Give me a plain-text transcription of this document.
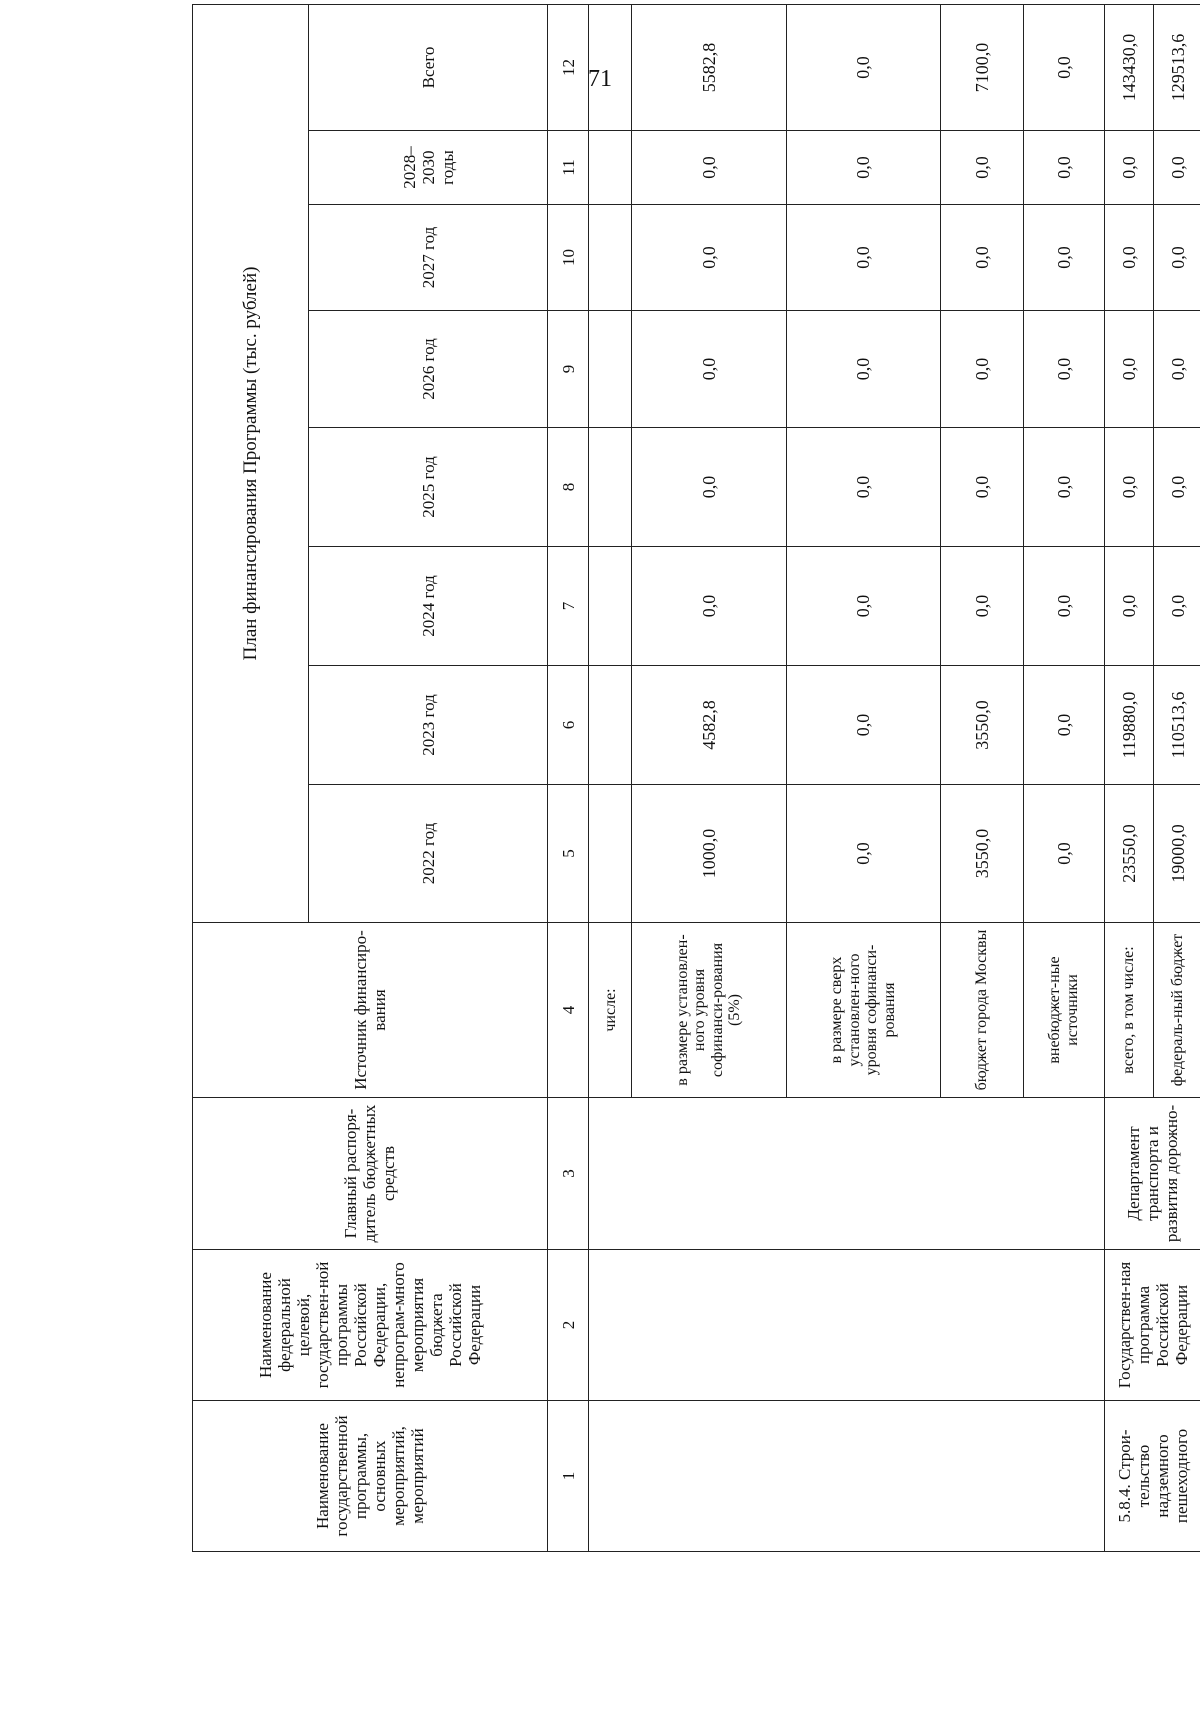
71
Наименование государственной программы, основных мероприятий, мероприятий	Наименование федеральной целевой, государствен-ной программы Российской Федерации, непрограм-много мероприятия бюджета Российской Федерации	Главный распоря-дитель бюджетных средств	Источник финансиро-вания	План финансирования Программы (тыс. рублей)							
				2022 год	2023 год	2024 год	2025 год	2026 год	2027 год	2028–2030 годы	Всего
1	2	3	4	5	6	7	8	9	10	11	12
			числе:								
			в размере установлен-ного уровня софинанси-рования (5%)	1000,0	4582,8	0,0	0,0	0,0	0,0	0,0	5582,8
			в размере сверх установлен-ного уровня софинанси-рования	0,0	0,0	0,0	0,0	0,0	0,0	0,0	0,0
			бюджет города Москвы	3550,0	3550,0	0,0	0,0	0,0	0,0	0,0	7100,0
			внебюджет-ные источники	0,0	0,0	0,0	0,0	0,0	0,0	0,0	0,0
5.8.4. Строи-тельство надземного пешеходного	Государствен-ная программа Российской Федерации	Департамент транспорта и развития дорожно-	всего, в том числе:	23550,0	119880,0	0,0	0,0	0,0	0,0	0,0	143430,0
			федераль-ный бюджет	19000,0	110513,6	0,0	0,0	0,0	0,0	0,0	129513,6
